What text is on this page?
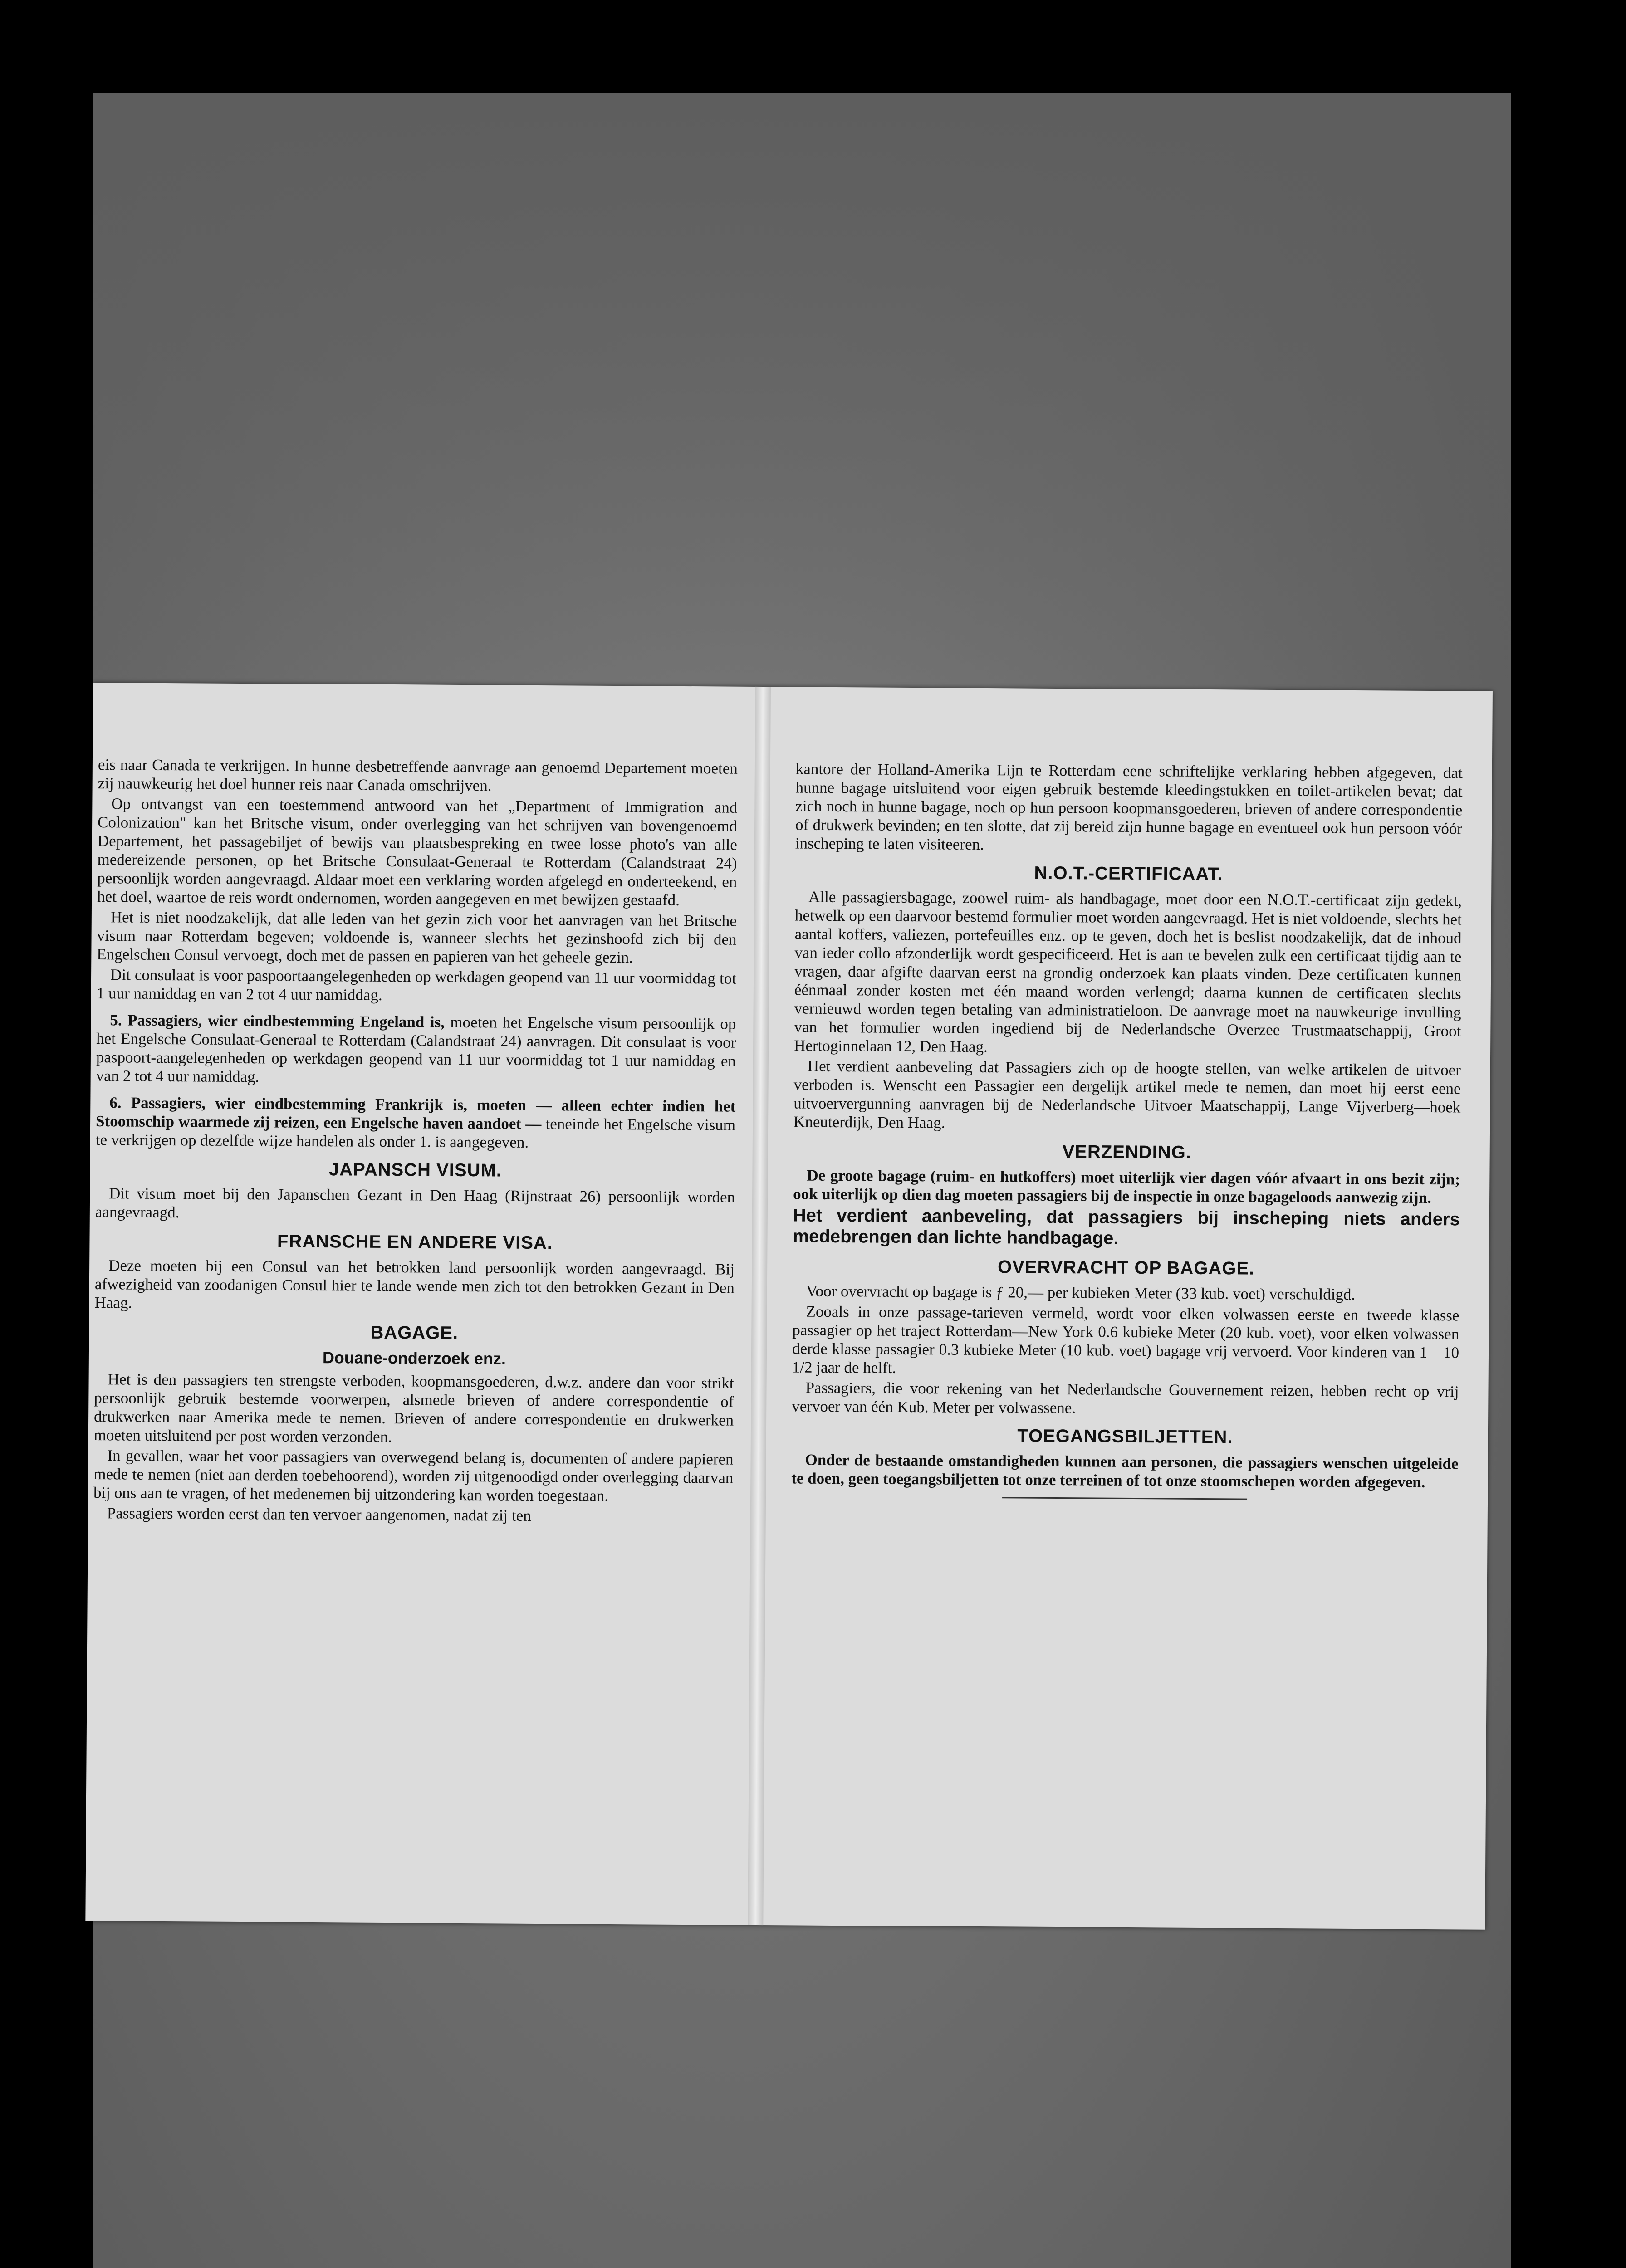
eis naar Canada te verkrijgen. In hunne desbetreffende aanvrage aan genoemd Departement moeten zij nauwkeurig het doel hunner reis naar Canada omschrijven.

Op ontvangst van een toestemmend antwoord van het „Department of Immigration and Colonization" kan het Britsche visum, onder overlegging van het schrijven van bovengenoemd Departement, het passagebiljet of bewijs van plaatsbespreking en twee losse photo's van alle medereizende personen, op het Britsche Consulaat-Generaal te Rotterdam (Calandstraat 24) persoonlijk worden aangevraagd. Aldaar moet een verklaring worden afgelegd en onderteekend, en het doel, waartoe de reis wordt ondernomen, worden aangegeven en met bewijzen gestaafd.

Het is niet noodzakelijk, dat alle leden van het gezin zich voor het aanvragen van het Britsche visum naar Rotterdam begeven; voldoende is, wanneer slechts het gezinshoofd zich bij den Engelschen Consul vervoegt, doch met de passen en papieren van het geheele gezin.

Dit consulaat is voor paspoortaangelegenheden op werkdagen geopend van 11 uur voormiddag tot 1 uur namiddag en van 2 tot 4 uur namiddag.

5. Passagiers, wier eindbestemming Engeland is, moeten het Engelsche visum persoonlijk op het Engelsche Consulaat-Generaal te Rotterdam (Calandstraat 24) aanvragen. Dit consulaat is voor paspoort-aangelegenheden op werkdagen geopend van 11 uur voormiddag tot 1 uur namiddag en van 2 tot 4 uur namiddag.

6. Passagiers, wier eindbestemming Frankrijk is, moeten — alleen echter indien het Stoomschip waarmede zij reizen, een Engelsche haven aandoet — teneinde het Engelsche visum te verkrijgen op dezelfde wijze handelen als onder 1. is aangegeven.

JAPANSCH VISUM.

Dit visum moet bij den Japanschen Gezant in Den Haag (Rijnstraat 26) persoonlijk worden aangevraagd.

FRANSCHE EN ANDERE VISA.

Deze moeten bij een Consul van het betrokken land persoonlijk worden aangevraagd. Bij afwezigheid van zoodanigen Consul hier te lande wende men zich tot den betrokken Gezant in Den Haag.

BAGAGE.
Douane-onderzoek enz.

Het is den passagiers ten strengste verboden, koopmansgoederen, d.w.z. andere dan voor strikt persoonlijk gebruik bestemde voorwerpen, alsmede brieven of andere correspondentie of drukwerken naar Amerika mede te nemen. Brieven of andere correspondentie en drukwerken moeten uitsluitend per post worden verzonden.

In gevallen, waar het voor passagiers van overwegend belang is, documenten of andere papieren mede te nemen (niet aan derden toebehoorend), worden zij uitgenoodigd onder overlegging daarvan bij ons aan te vragen, of het medenemen bij uitzondering kan worden toegestaan.

Passagiers worden eerst dan ten vervoer aangenomen, nadat zij ten

kantore der Holland-Amerika Lijn te Rotterdam eene schriftelijke verklaring hebben afgegeven, dat hunne bagage uitsluitend voor eigen gebruik bestemde kleedingstukken en toilet-artikelen bevat; dat zich noch in hunne bagage, noch op hun persoon koopmansgoederen, brieven of andere correspondentie of drukwerk bevinden; en ten slotte, dat zij bereid zijn hunne bagage en eventueel ook hun persoon vóór inscheping te laten visiteeren.

N.O.T.-CERTIFICAAT.

Alle passagiersbagage, zoowel ruim- als handbagage, moet door een N.O.T.-certificaat zijn gedekt, hetwelk op een daarvoor bestemd formulier moet worden aangevraagd. Het is niet voldoende, slechts het aantal koffers, valiezen, portefeuilles enz. op te geven, doch het is beslist noodzakelijk, dat de inhoud van ieder collo afzonderlijk wordt gespecificeerd. Het is aan te bevelen zulk een certificaat tijdig aan te vragen, daar afgifte daarvan eerst na grondig onderzoek kan plaats vinden. Deze certificaten kunnen éénmaal zonder kosten met één maand worden verlengd; daarna kunnen de certificaten slechts vernieuwd worden tegen betaling van administratieloon. De aanvrage moet na nauwkeurige invulling van het formulier worden ingediend bij de Nederlandsche Overzee Trustmaatschappij, Groot Hertoginnelaan 12, Den Haag.

Het verdient aanbeveling dat Passagiers zich op de hoogte stellen, van welke artikelen de uitvoer verboden is. Wenscht een Passagier een dergelijk artikel mede te nemen, dan moet hij eerst eene uitvoervergunning aanvragen bij de Nederlandsche Uitvoer Maatschappij, Lange Vijverberg—hoek Kneuterdijk, Den Haag.

VERZENDING.

De groote bagage (ruim- en hutkoffers) moet uiterlijk vier dagen vóór afvaart in ons bezit zijn; ook uiterlijk op dien dag moeten passagiers bij de inspectie in onze bagageloods aanwezig zijn.

Het verdient aanbeveling, dat passagiers bij inscheping niets anders medebrengen dan lichte handbagage.

OVERVRACHT OP BAGAGE.

Voor overvracht op bagage is ƒ 20,— per kubieken Meter (33 kub. voet) verschuldigd.

Zooals in onze passage-tarieven vermeld, wordt voor elken volwassen eerste en tweede klasse passagier op het traject Rotterdam—New York 0.6 kubieke Meter (20 kub. voet), voor elken volwassen derde klasse passagier 0.3 kubieke Meter (10 kub. voet) bagage vrij vervoerd. Voor kinderen van 1—10 1/2 jaar de helft.

Passagiers, die voor rekening van het Nederlandsche Gouvernement reizen, hebben recht op vrij vervoer van één Kub. Meter per volwassene.

TOEGANGSBILJETTEN.

Onder de bestaande omstandigheden kunnen aan personen, die passagiers wenschen uitgeleide te doen, geen toegangsbiljetten tot onze terreinen of tot onze stoomschepen worden afgegeven.
